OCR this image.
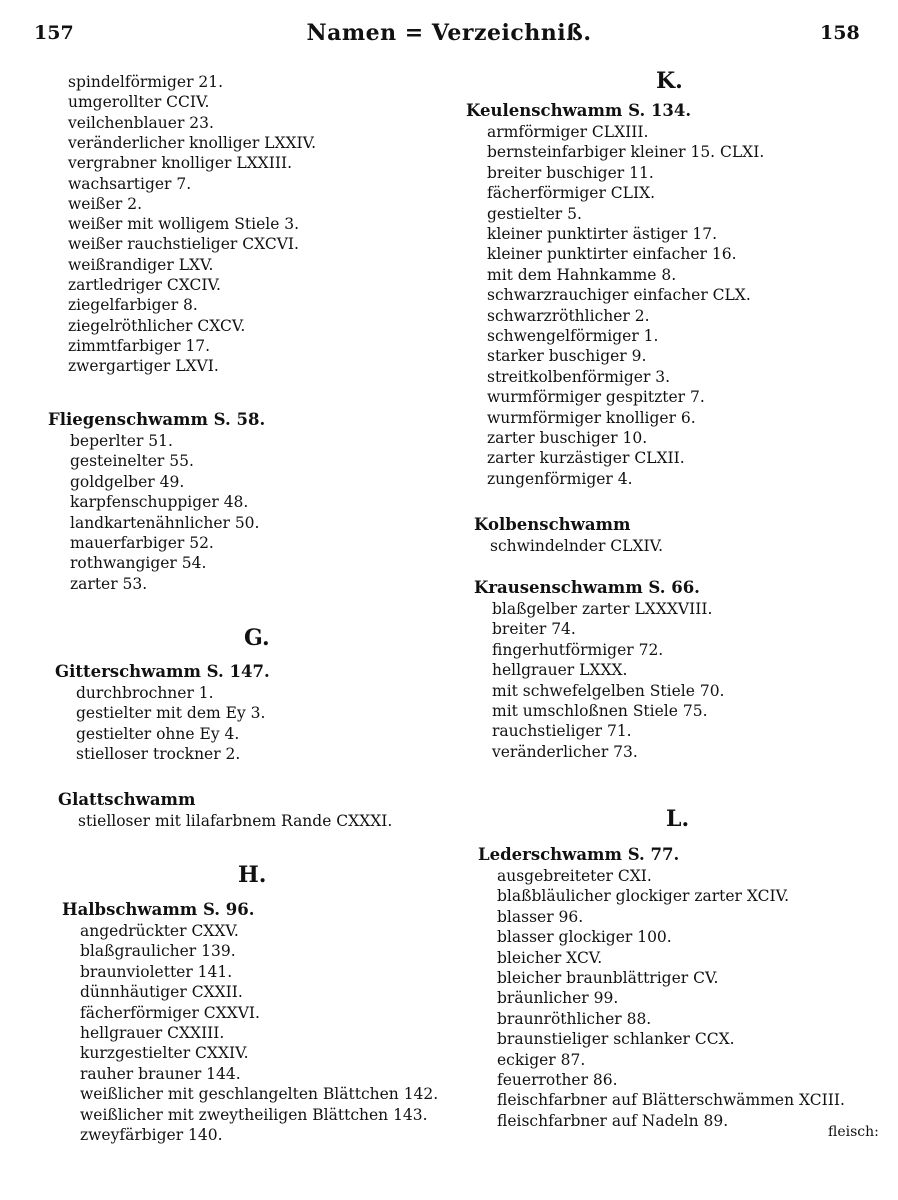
157	Namen = Verzeichniß.	158
spindelförmiger 21.
umgerollter CCIV.
veilchenblauer 23.
veränderlicher knolliger LXXIV.
vergrabner knolliger LXXIII.
wachsartiger 7.
weißer 2.
weißer mit wolligem Stiele 3.
weißer rauchstieliger CXCVI.
weißrandiger LXV.
zartledriger CXCIV.
ziegelfarbiger 8.
ziegelröthlicher CXCV.
zimmtfarbiger 17.
zwergartiger LXVI.
Fliegenschwamm S. 58.
beperlter 51.
gesteinelter 55.
goldgelber 49.
karpfenschuppiger 48.
landkartenähnlicher 50.
mauerfarbiger 52.
rothwangiger 54.
zarter 53.
G.
Gitterschwamm S. 147.
durchbrochner 1.
gestielter mit dem Ey 3.
gestielter ohne Ey 4.
stielloser trockner 2.
Glattschwamm
stielloser mit lilafarbnem Rande CXXXI.
H.
Halbschwamm S. 96.
angedrückter CXXV.
blaßgraulicher 139.
braunvioletter 141.
dünnhäutiger CXXII.
fächerförmiger CXXVI.
hellgrauer CXXIII.
kurzgestielter CXXIV.
rauher brauner 144.
weißlicher mit geschlangelten Blättchen 142.
weißlicher mit zweytheiligen Blättchen 143.
zweyfärbiger 140.
K.
Keulenschwamm S. 134.
armförmiger CLXIII.
bernsteinfarbiger kleiner 15. CLXI.
breiter buschiger 11.
fächerförmiger CLIX.
gestielter 5.
kleiner punktirter ästiger 17.
kleiner punktirter einfacher 16.
mit dem Hahnkamme 8.
schwarzrauchiger einfacher CLX.
schwarzröthlicher 2.
schwengelförmiger 1.
starker buschiger 9.
streitkolbenförmiger 3.
wurmförmiger gespitzter 7.
wurmförmiger knolliger 6.
zarter buschiger 10.
zarter kurzästiger CLXII.
zungenförmiger 4.
Kolbenschwamm
schwindelnder CLXIV.
Krausenschwamm S. 66.
blaßgelber zarter LXXXVIII.
breiter 74.
fingerhutförmiger 72.
hellgrauer LXXX.
mit schwefelgelben Stiele 70.
mit umschloßnen Stiele 75.
rauchstieliger 71.
veränderlicher 73.
L.
Lederschwamm S. 77.
ausgebreiteter CXI.
blaßbläulicher glockiger zarter XCIV.
blasser 96.
blasser glockiger 100.
bleicher XCV.
bleicher braunblättriger CV.
bräunlicher 99.
braunröthlicher 88.
braunstieliger schlanker CCX.
eckiger 87.
feuerrother 86.
fleischfarbner auf Blätterschwämmen XCIII.
fleischfarbner auf Nadeln 89.
fleisch:
